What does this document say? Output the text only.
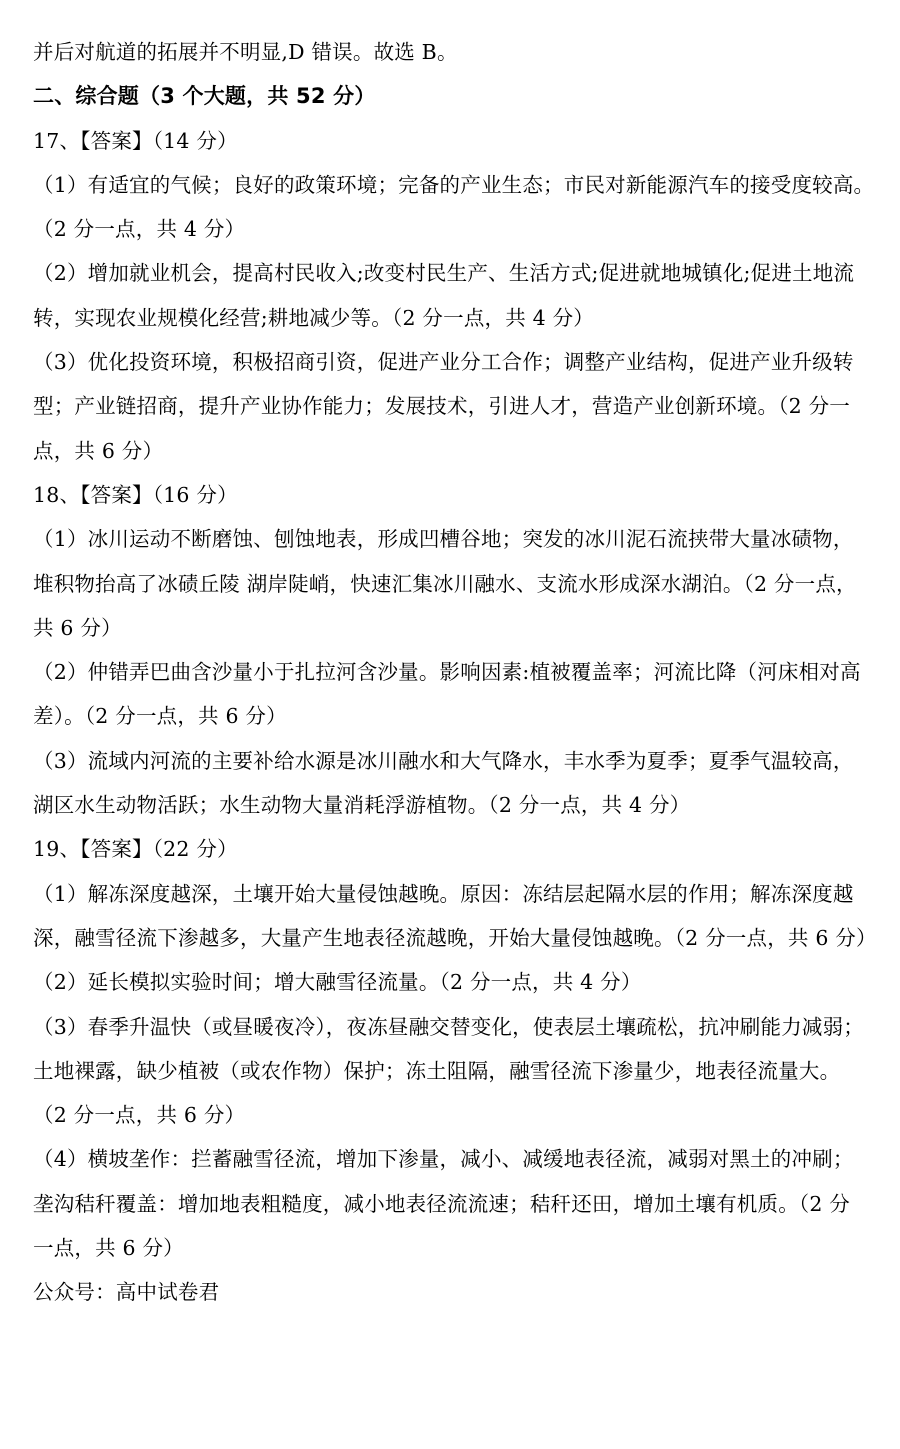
并后对航道的拓展并不明显,D 错误。故选 B。
二、综合题（3 个大题，共 52 分）
17、【答案】（14 分）
（1）有适宜的气候；良好的政策环境；完备的产业生态；市民对新能源汽车的接受度较高。
（2 分一点，共 4 分）
（2）增加就业机会，提高村民收入;改变村民生产、生活方式;促进就地城镇化;促进土地流
转，实现农业规模化经营;耕地减少等。（2 分一点，共 4 分）
（3）优化投资环境，积极招商引资，促进产业分工合作；调整产业结构，促进产业升级转
型；产业链招商，提升产业协作能力；发展技术，引进人才，营造产业创新环境。（2 分一
点，共 6 分）
18、【答案】（16 分）
（1）冰川运动不断磨蚀、刨蚀地表，形成凹槽谷地；突发的冰川泥石流挟带大量冰碛物，
堆积物抬高了冰碛丘陵 湖岸陡峭，快速汇集冰川融水、支流水形成深水湖泊。（2 分一点，
共 6 分）
（2）仲错弄巴曲含沙量小于扎拉河含沙量。影响因素:植被覆盖率；河流比降（河床相对高
差）。（2 分一点，共 6 分）
（3）流域内河流的主要补给水源是冰川融水和大气降水，丰水季为夏季；夏季气温较高，
湖区水生动物活跃；水生动物大量消耗浮游植物。（2 分一点，共 4 分）
19、【答案】（22 分）
（1）解冻深度越深，土壤开始大量侵蚀越晚。原因：冻结层起隔水层的作用；解冻深度越
深，融雪径流下渗越多，大量产生地表径流越晚，开始大量侵蚀越晚。（2 分一点，共 6 分）
（2）延长模拟实验时间；增大融雪径流量。（2 分一点，共 4 分）
（3）春季升温快（或昼暖夜冷），夜冻昼融交替变化，使表层土壤疏松，抗冲刷能力减弱；
土地裸露，缺少植被（或农作物）保护；冻土阻隔，融雪径流下渗量少，地表径流量大。
（2 分一点，共 6 分）
（4）横坡垄作：拦蓄融雪径流，增加下渗量，减小、减缓地表径流，减弱对黑土的冲刷；
垄沟秸秆覆盖：增加地表粗糙度，减小地表径流流速；秸秆还田，增加土壤有机质。（2 分
一点，共 6 分）
公众号：高中试卷君
